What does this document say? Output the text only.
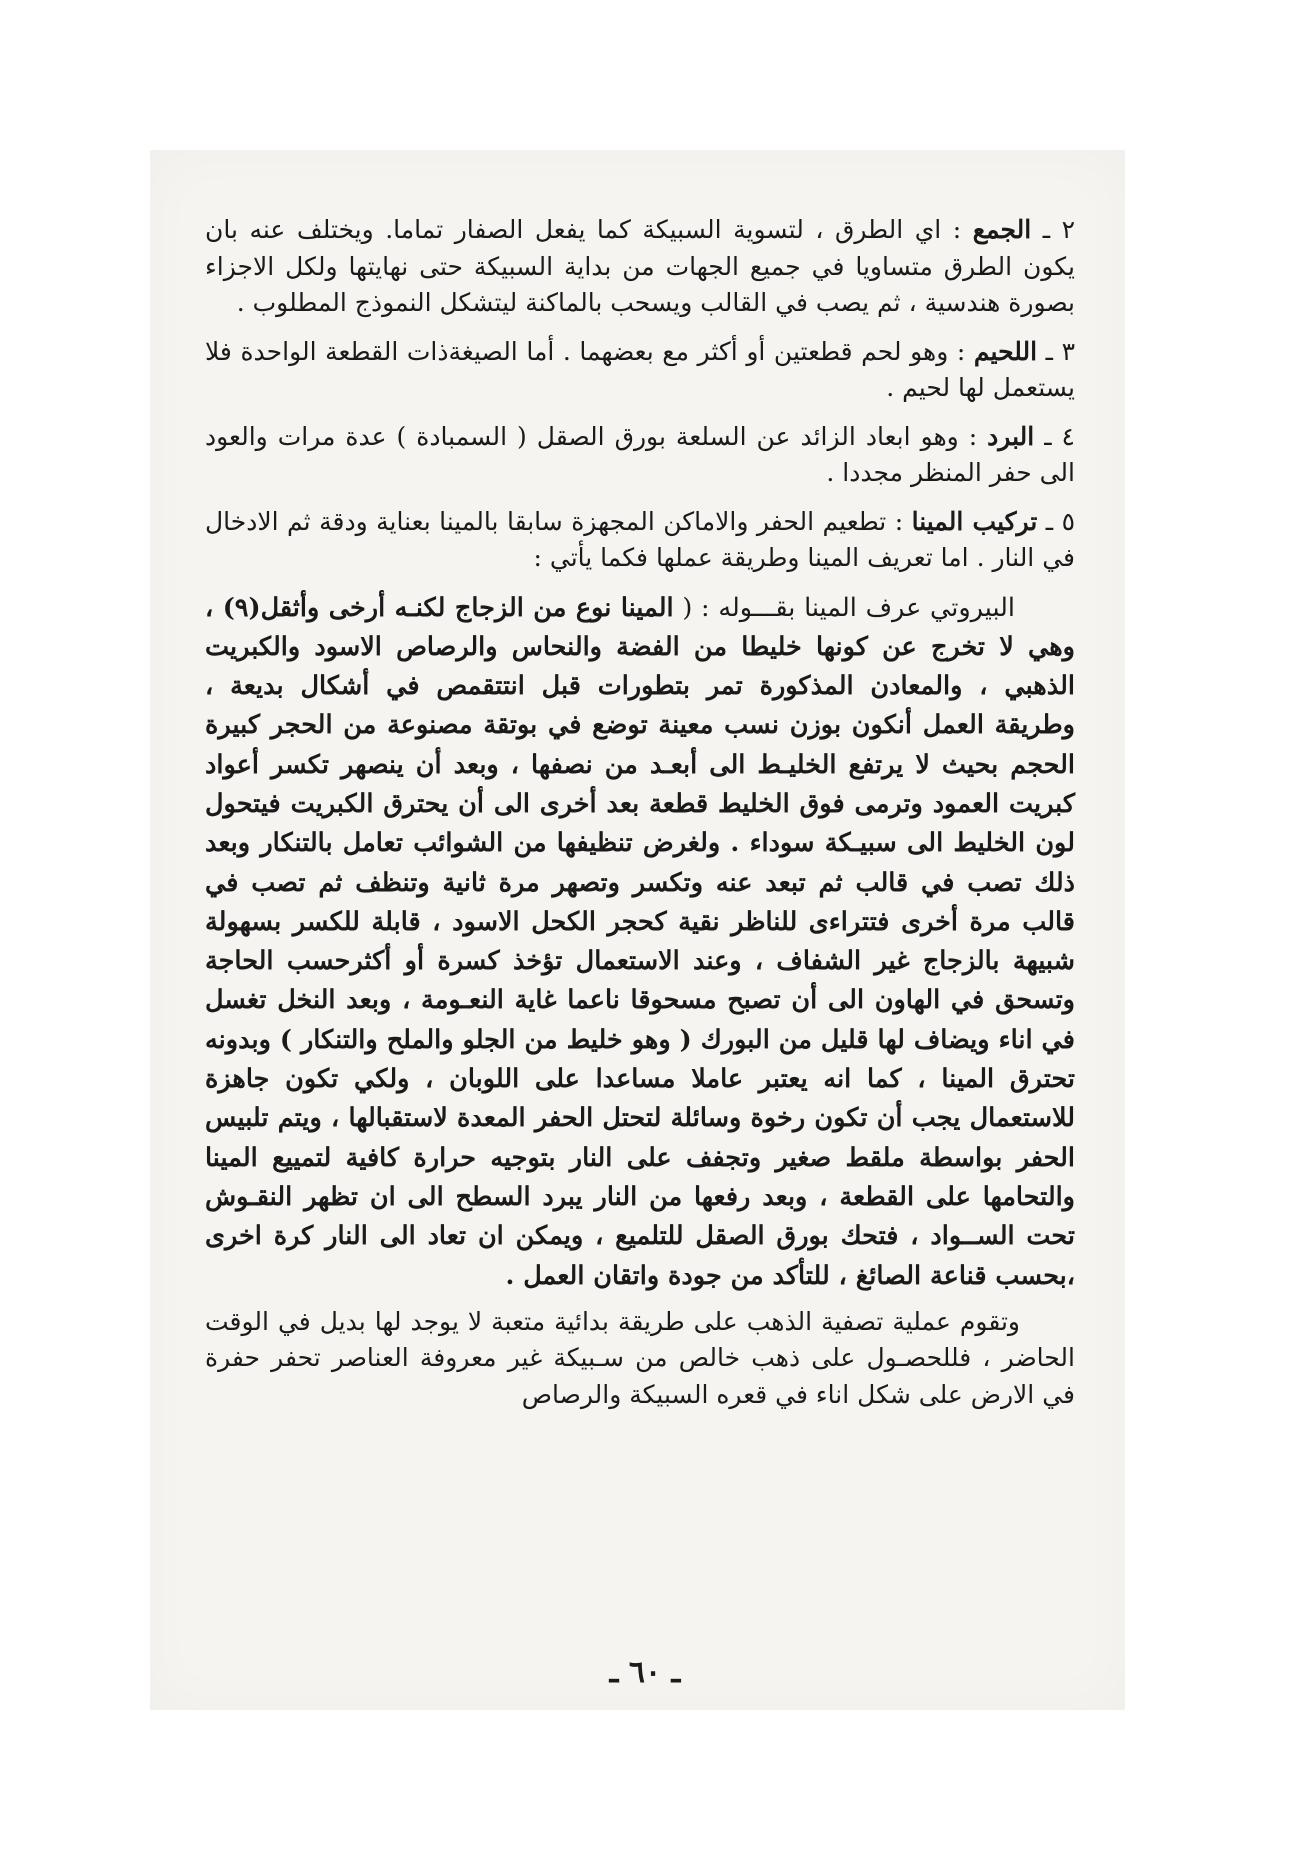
٢ ـ الجمع : اي الطرق ، لتسوية السبيكة كما يفعل الصفار تماما. ويختلف عنه بان يكون الطرق متساويا في جميع الجهات من بداية السبيكة حتى نهايتها ولكل الاجزاء بصورة هندسية ، ثم يصب في القالب ويسحب بالماكنة ليتشكل النموذج المطلوب .

٣ ـ اللحيم : وهو لحم قطعتين أو أكثر مع بعضهما . أما الصيغةذات القطعة الواحدة فلا يستعمل لها لحيم .

٤ ـ البرد : وهو ابعاد الزائد عن السلعة بورق الصقل ( السمبادة ) عدة مرات والعود الى حفر المنظر مجددا .

٥ ـ تركيب المينا : تطعيم الحفر والاماكن المجهزة سابقا بالمينا بعناية ودقة ثم الادخال في النار . اما تعريف المينا وطريقة عملها فكما يأتي :

البيروتي عرف المينا بقـــوله : ( المينا نوع من الزجاج لكنـه أرخى وأثقل(٩) ، وهي لا تخرج عن كونها خليطا من الفضة والنحاس والرصاص الاسود والكبريت الذهبي ، والمعادن المذكورة تمر بتطورات قبل انتتقمص في أشكال بديعة ، وطريقة العمل أنكون بوزن نسب معينة توضع في بوتقة مصنوعة من الحجر كبيرة الحجم بحيث لا يرتفع الخليـط الى أبعـد من نصفها ، وبعد أن ينصهر تكسر أعواد كبريت العمود وترمى فوق الخليط قطعة بعد أخرى الى أن يحترق الكبريت فيتحول لون الخليط الى سبيـكة سوداء . ولغرض تنظيفها من الشوائب تعامل بالتنكار وبعد ذلك تصب في قالب ثم تبعد عنه وتكسر وتصهر مرة ثانية وتنظف ثم تصب في قالب مرة أخرى فتتراءى للناظر نقية كحجر الكحل الاسود ، قابلة للكسر بسهولة شبيهة بالزجاج غير الشفاف ، وعند الاستعمال تؤخذ كسرة أو أكثرحسب الحاجة وتسحق في الهاون الى أن تصبح مسحوقا ناعما غاية النعـومة ، وبعد النخل تغسل في اناء ويضاف لها قليل من البورك ( وهو خليط من الجلو والملح والتنكار ) وبدونه تحترق المينا ، كما انه يعتبر عاملا مساعدا على اللوبان ، ولكي تكون جاهزة للاستعمال يجب أن تكون رخوة وسائلة لتحتل الحفر المعدة لاستقبالها ، ويتم تلبيس الحفر بواسطة ملقط صغير وتجفف على النار بتوجيه حرارة كافية لتمييع المينا والتحامها على القطعة ، وبعد رفعها من النار يبرد السطح الى ان تظهر النقـوش تحت الســواد ، فتحك بورق الصقل للتلميع ، ويمكن ان تعاد الى النار كرة اخرى ،بحسب قناعة الصائغ ، للتأكد من جودة واتقان العمل .

وتقوم عملية تصفية الذهب على طريقة بدائية متعبة لا يوجد لها بديل في الوقت الحاضر ، فللحصـول على ذهب خالص من سـبيكة غير معروفة العناصر تحفر حفرة في الارض على شكل اناء في قعره السبيكة والرصاص

ـ ٦٠ ـ
